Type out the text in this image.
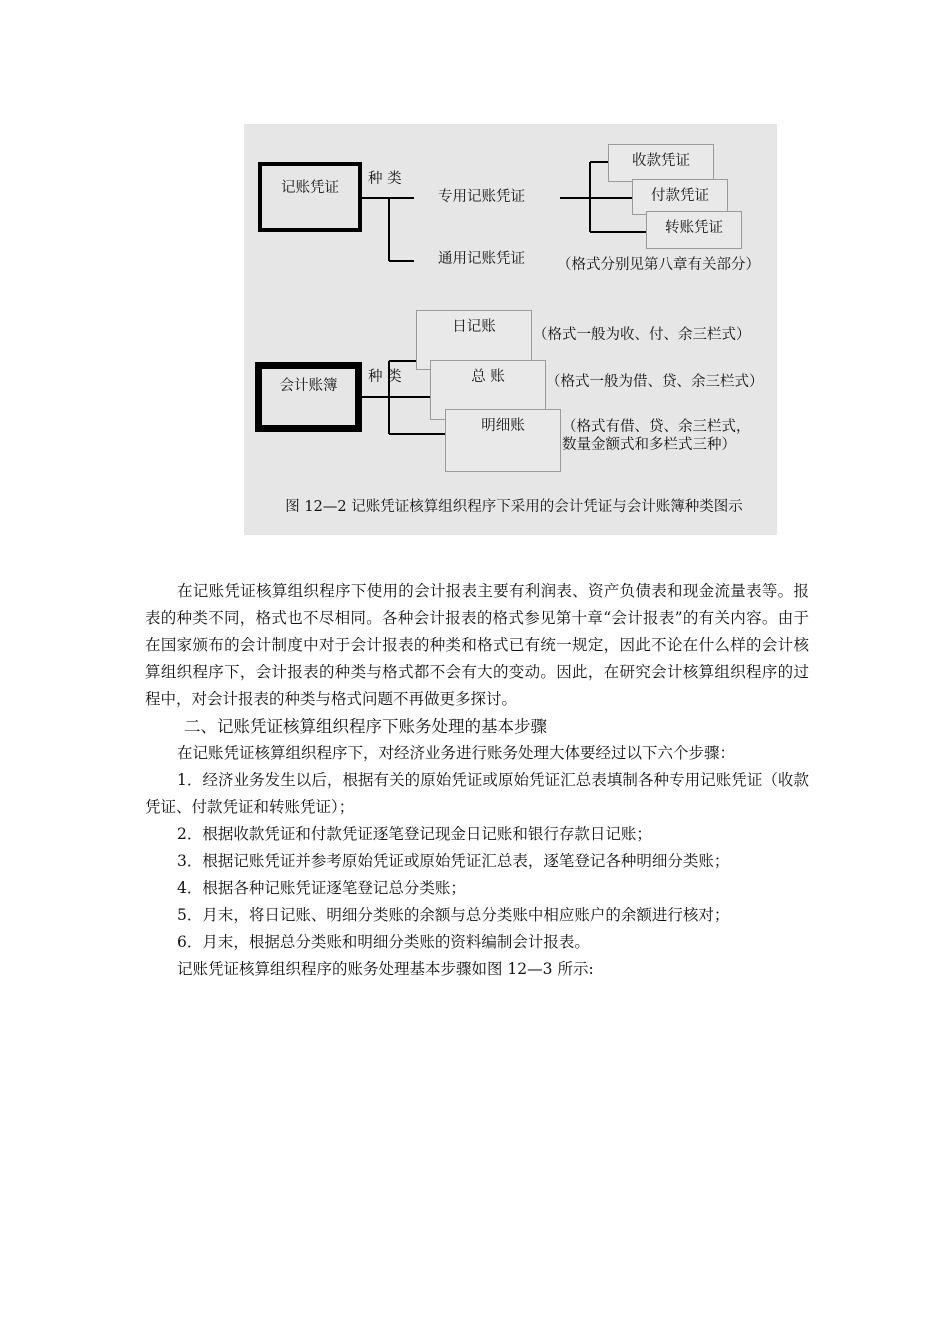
记账凭证
种 类
专用记账凭证
通用记账凭证
收款凭证
付款凭证
转账凭证
（格式分别见第八章有关部分）
会计账簿
种 类
日记账
总 账
明细账
（格式一般为收、付、余三栏式）
（格式一般为借、贷、余三栏式）
（格式有借、贷、余三栏式，数量金额式和多栏式三种）
图 12—2 记账凭证核算组织程序下采用的会计凭证与会计账簿种类图示
在记账凭证核算组织程序下使用的会计报表主要有利润表、资产负债表和现金流量表等。报表的种类不同，格式也不尽相同。各种会计报表的格式参见第十章“会计报表”的有关内容。由于在国家颁布的会计制度中对于会计报表的种类和格式已有统一规定，因此不论在什么样的会计核算组织程序下，会计报表的种类与格式都不会有大的变动。因此，在研究会计核算组织程序的过程中，对会计报表的种类与格式问题不再做更多探讨。
二、记账凭证核算组织程序下账务处理的基本步骤
在记账凭证核算组织程序下，对经济业务进行账务处理大体要经过以下六个步骤：
1．经济业务发生以后，根据有关的原始凭证或原始凭证汇总表填制各种专用记账凭证（收款凭证、付款凭证和转账凭证）；
2．根据收款凭证和付款凭证逐笔登记现金日记账和银行存款日记账；
3．根据记账凭证并参考原始凭证或原始凭证汇总表，逐笔登记各种明细分类账；
4．根据各种记账凭证逐笔登记总分类账；
5．月末，将日记账、明细分类账的余额与总分类账中相应账户的余额进行核对；
6．月末，根据总分类账和明细分类账的资料编制会计报表。
记账凭证核算组织程序的账务处理基本步骤如图 12—3 所示:
